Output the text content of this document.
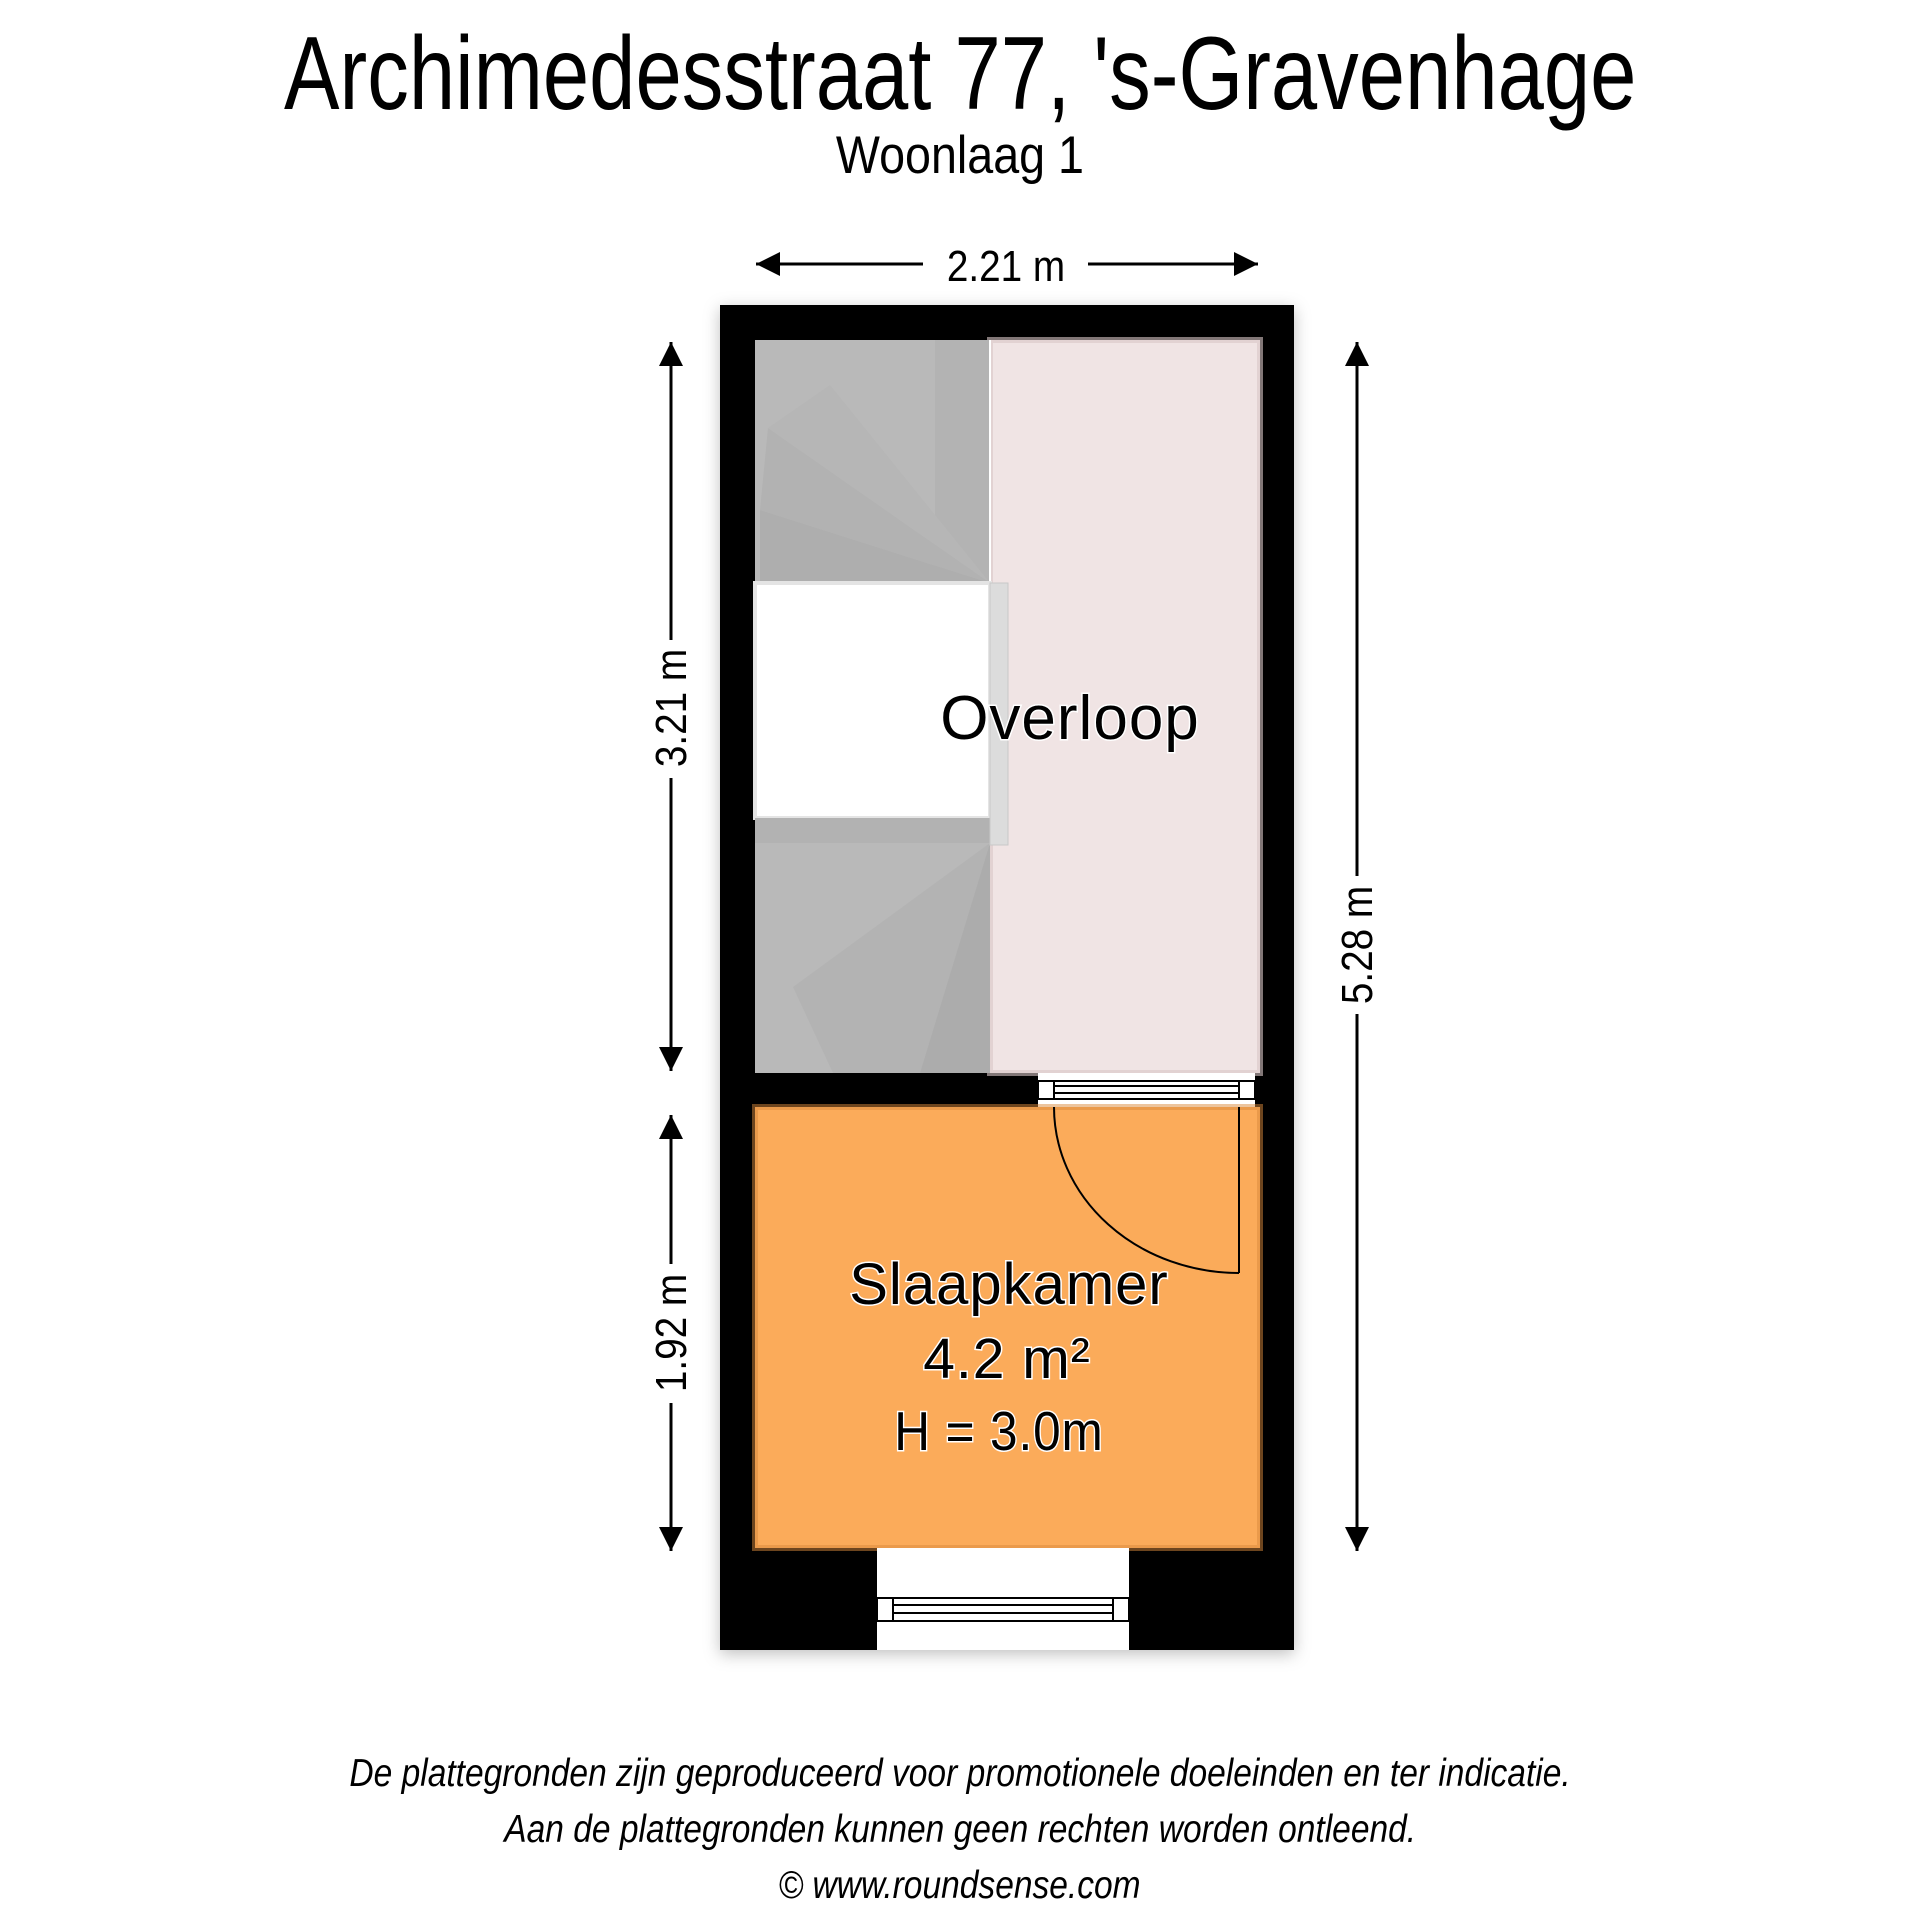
Archimedesstraat 77, 's-Gravenhage
Woonlaag 1
2.21 m
3.21 m
1.92 m
5.28 m
Overloop
Slaapkamer
4.2 m²
H = 3.0m
De plattegronden zijn geproduceerd voor promotionele doeleinden en ter indicatie.
Aan de plattegronden kunnen geen rechten worden ontleend.
© www.roundsense.com
